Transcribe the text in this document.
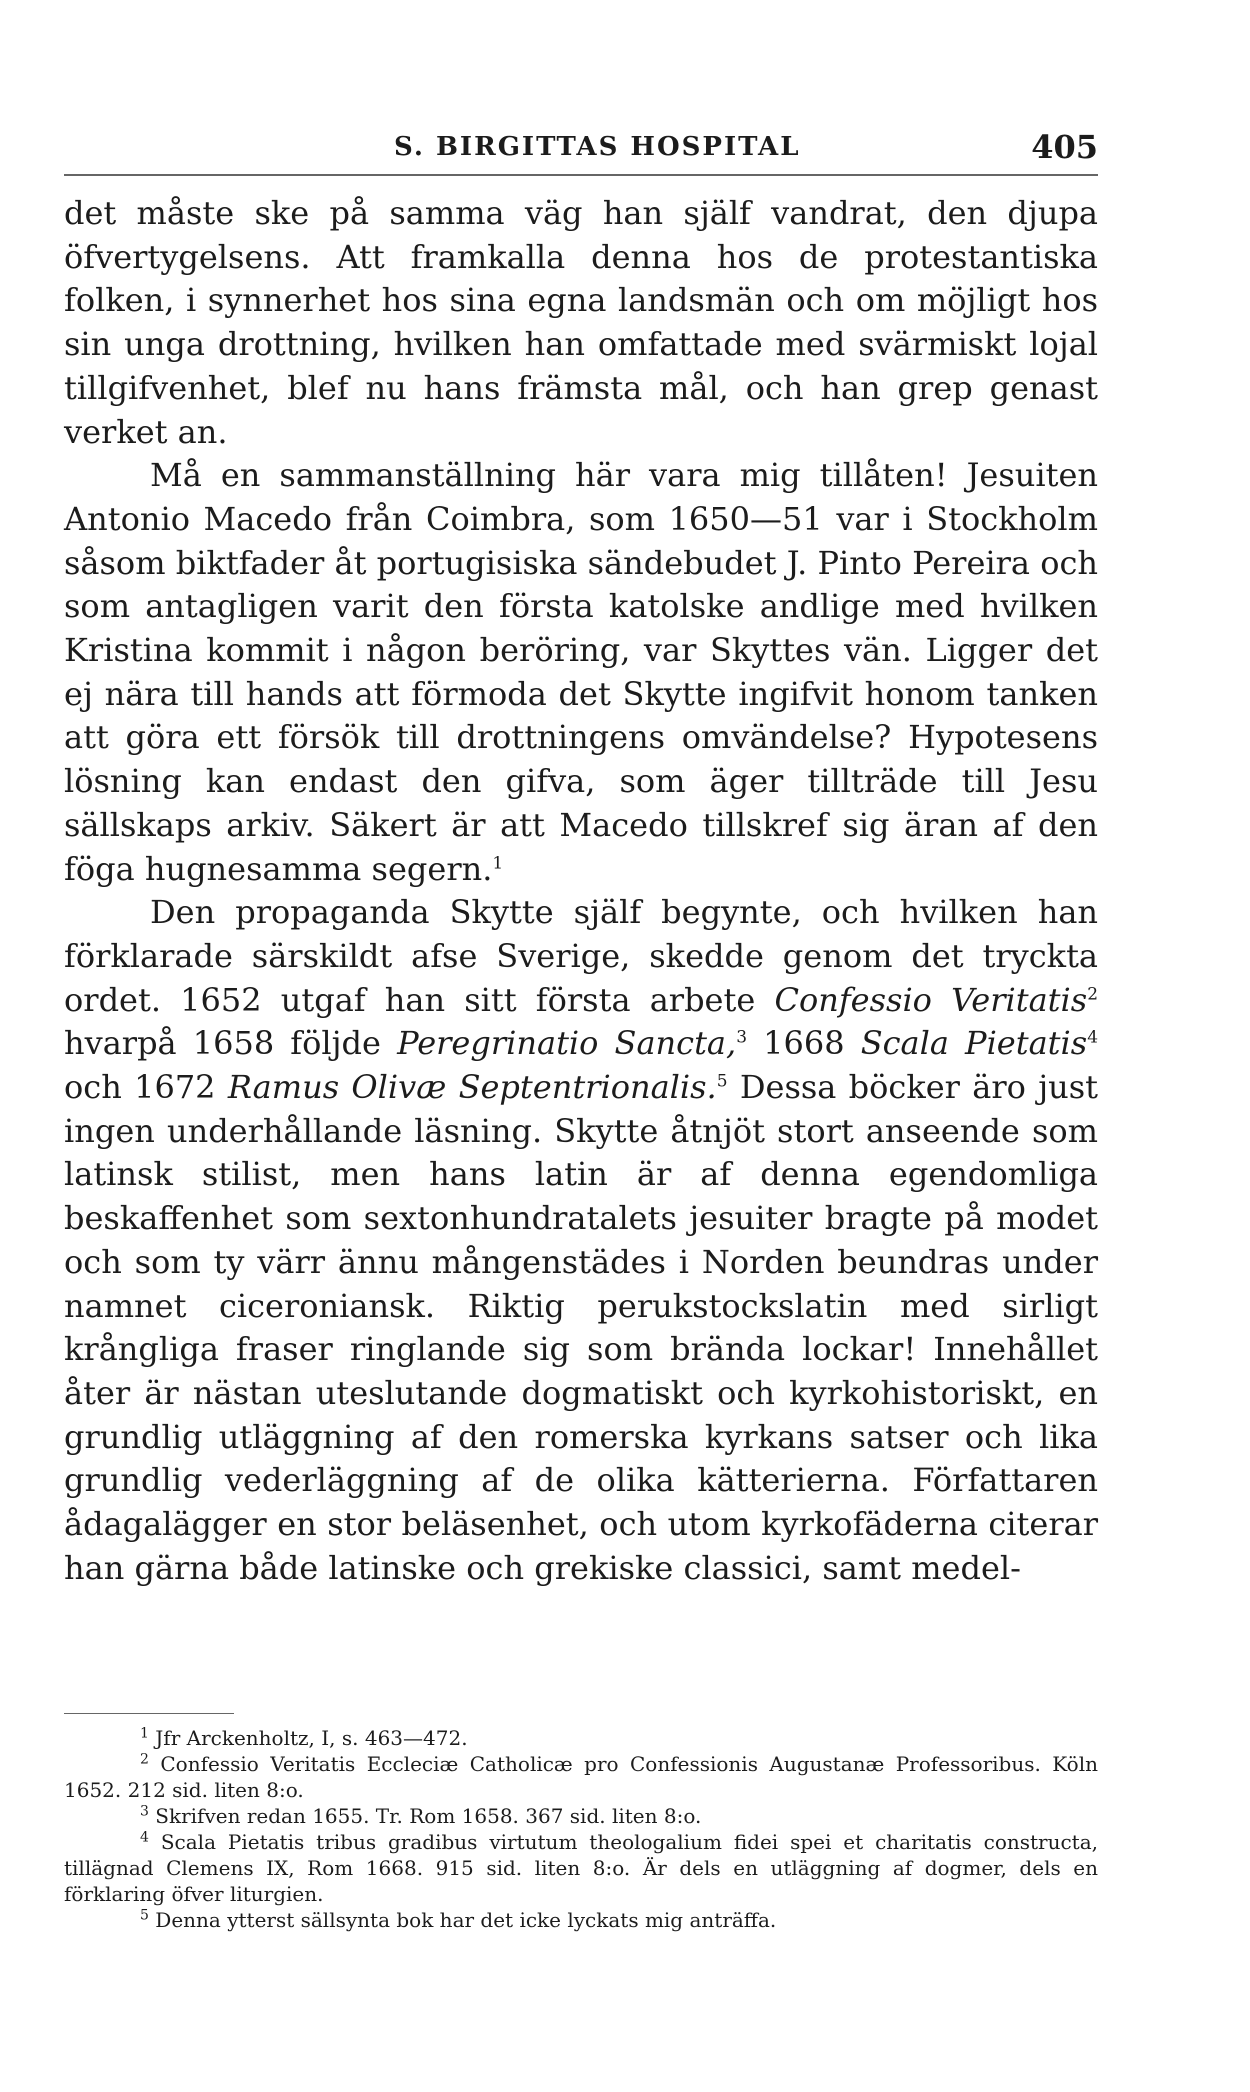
S. BIRGITTAS HOSPITAL	405

det måste ske på samma väg han själf vandrat, den djupa öfvertygelsens. Att framkalla denna hos de protestantiska folken, i synnerhet hos sina egna landsmän och om möjligt hos sin unga drottning, hvilken han omfattade med svärmiskt lojal tillgifvenhet, blef nu hans främsta mål, och han grep genast verket an.

Må en sammanställning här vara mig tillåten! Jesuiten Antonio Macedo från Coimbra, som 1650—51 var i Stockholm såsom biktfader åt portugisiska sändebudet J. Pinto Pereira och som antagligen varit den första katolske andlige med hvilken Kristina kommit i någon beröring, var Skyttes vän. Ligger det ej nära till hands att förmoda det Skytte ingifvit honom tanken att göra ett försök till drottningens omvändelse? Hypotesens lösning kan endast den gifva, som äger tillträde till Jesu sällskaps arkiv. Säkert är att Macedo tillskref sig äran af den föga hugnesamma segern.$^1$

Den propaganda Skytte själf begynte, och hvilken han förklarade särskildt afse Sverige, skedde genom det tryckta ordet. 1652 utgaf han sitt första arbete Confessio Veritatis$^2$ hvarpå 1658 följde Peregrinatio Sancta,$^3$ 1668 Scala Pietatis$^4$ och 1672 Ramus Olivæ Septentrionalis.$^5$ Dessa böcker äro just ingen underhållande läsning. Skytte åtnjöt stort anseende som latinsk stilist, men hans latin är af denna egendomliga beskaffenhet som sextonhundratalets jesuiter bragte på modet och som ty värr ännu mångenstädes i Norden beundras under namnet ciceroniansk. Riktig perukstockslatin med sirligt krångliga fraser ringlande sig som brända lockar! Innehållet åter är nästan uteslutande dogmatiskt och kyrkohistoriskt, en grundlig utläggning af den romerska kyrkans satser och lika grundlig vederläggning af de olika kätterierna. Författaren ådagalägger en stor beläsenhet, och utom kyrkofäderna citerar han gärna både latinske och grekiske classici, samt medel-

$^1$ Jfr Arckenholtz, I, s. 463—472.

$^2$ Confessio Veritatis Eccleciæ Catholicæ pro Confessionis Augustanæ Professoribus. Köln 1652. 212 sid. liten 8:o.

$^3$ Skrifven redan 1655. Tr. Rom 1658. 367 sid. liten 8:o.

$^4$ Scala Pietatis tribus gradibus virtutum theologalium fidei spei et charitatis constructa, tillägnad Clemens IX, Rom 1668. 915 sid. liten 8:o. Är dels en utläggning af dogmer, dels en förklaring öfver liturgien.

$^5$ Denna ytterst sällsynta bok har det icke lyckats mig anträffa.
